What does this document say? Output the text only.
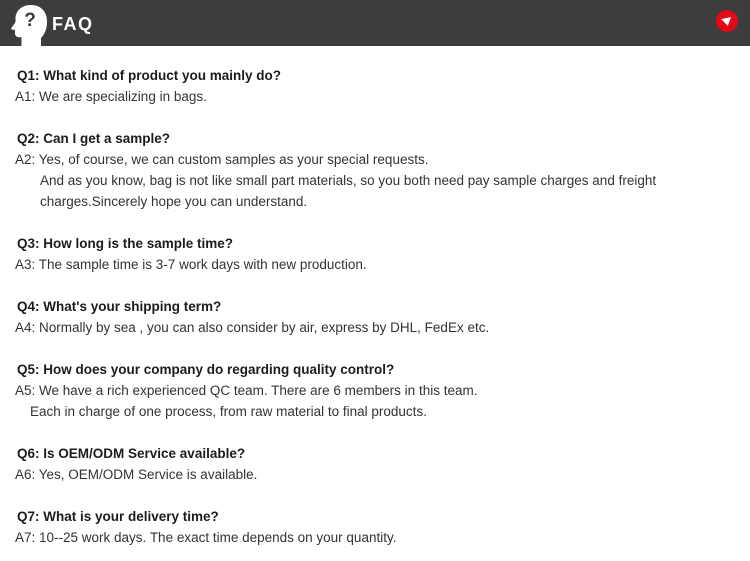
? FAQ
Q1: What kind of product you mainly do?
A1: We are specializing in bags.
Q2: Can I get a sample?
A2: Yes, of course, we can custom samples as your special requests.
And as you know, bag is not like small part materials, so you both need pay sample charges and freight
charges.Sincerely hope you can understand.
Q3: How long is the sample time?
A3: The sample time is 3-7 work days with new production.
Q4: What's your shipping term?
A4: Normally by sea , you can also consider by air, express by DHL, FedEx etc.
Q5: How does your company do regarding quality control?
A5: We have a rich experienced QC team. There are 6 members in this team.
Each in charge of one process, from raw material to final products.
Q6: Is OEM/ODM Service available?
A6: Yes, OEM/ODM Service is available.
Q7: What is your delivery time?
A7: 10--25 work days. The exact time depends on your quantity.
